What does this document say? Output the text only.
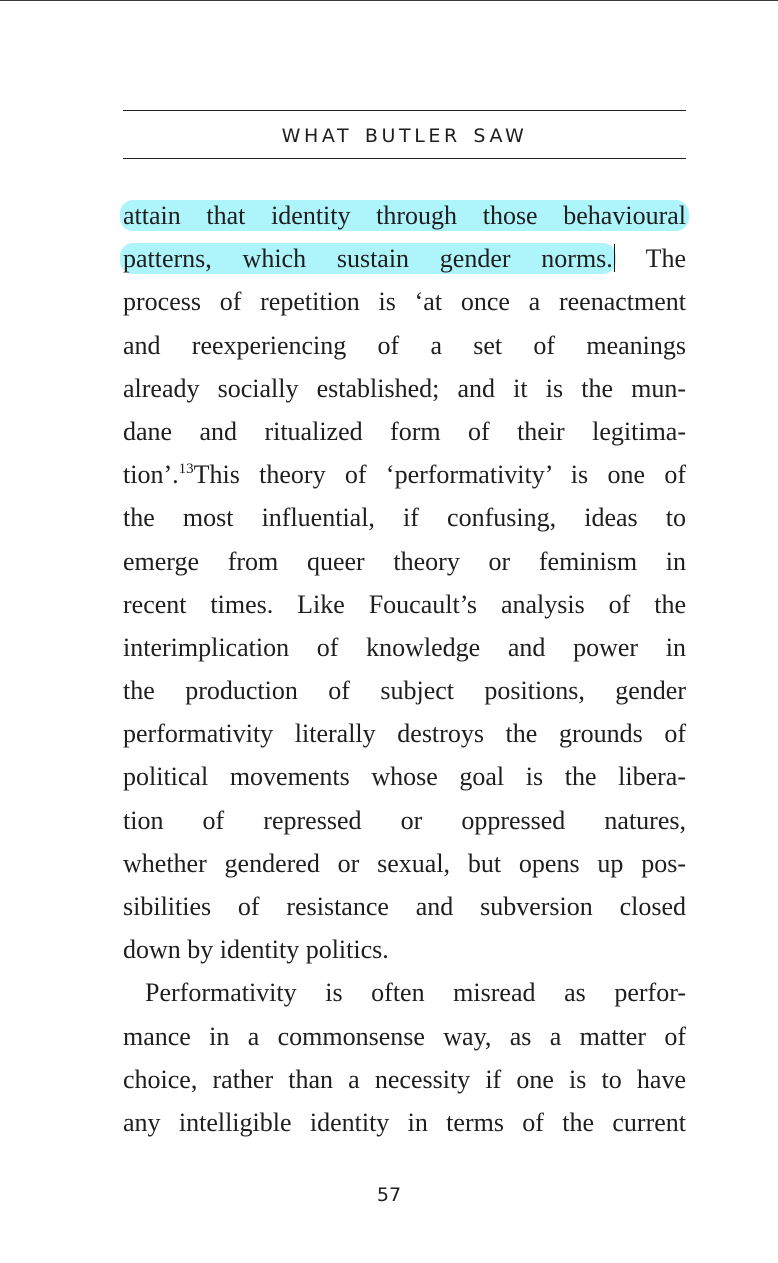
WHAT BUTLER SAW
attain that identity through those behavioural
patterns, which sustain gender norms. The
process of repetition is ‘at once a reenactment
and reexperiencing of a set of meanings
already socially established; and it is the mun-
dane and ritualized form of their legitima-
tion’.$^{13}$This theory of ‘performativity’ is one of
the most influential, if confusing, ideas to
emerge from queer theory or feminism in
recent times. Like Foucault’s analysis of the
interimplication of knowledge and power in
the production of subject positions, gender
performativity literally destroys the grounds of
political movements whose goal is the libera-
tion of repressed or oppressed natures,
whether gendered or sexual, but opens up pos-
sibilities of resistance and subversion closed
down by identity politics.
Performativity is often misread as perfor-
mance in a commonsense way, as a matter of
choice, rather than a necessity if one is to have
any intelligible identity in terms of the current
57
